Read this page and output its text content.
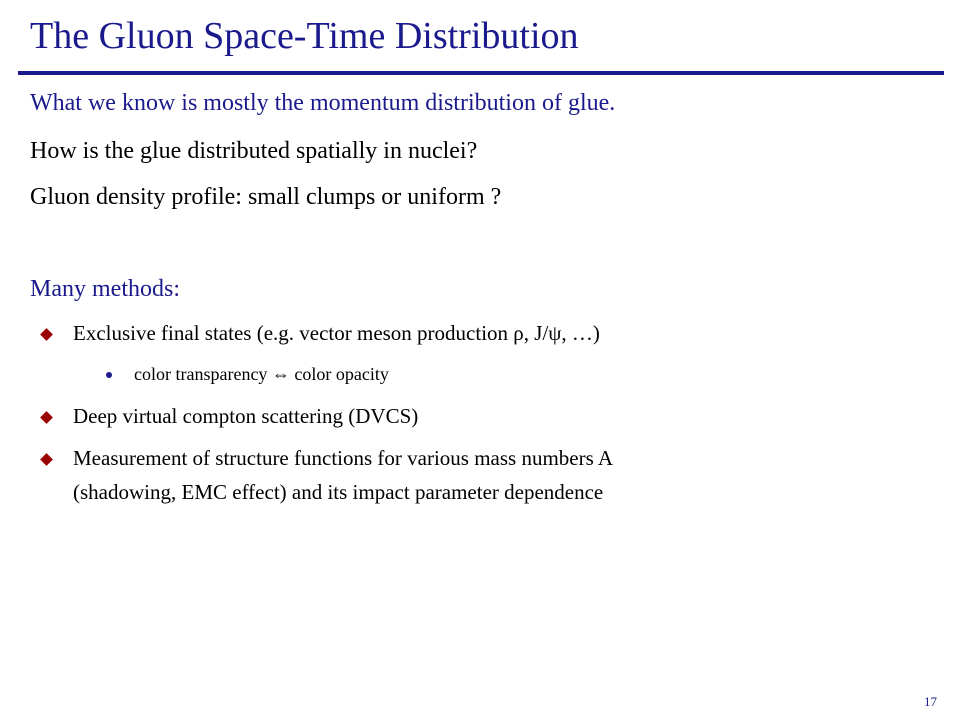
The Gluon Space-Time Distribution
What we know is mostly the momentum distribution of glue.
How is the glue distributed spatially in nuclei?
Gluon density profile: small clumps or uniform ?
Many methods:
Exclusive final states (e.g. vector meson production ρ, J/ψ, …)
color transparency ⇔ color opacity
Deep virtual compton scattering (DVCS)
Measurement of structure functions for various mass numbers A
(shadowing, EMC effect) and its impact parameter dependence
17
